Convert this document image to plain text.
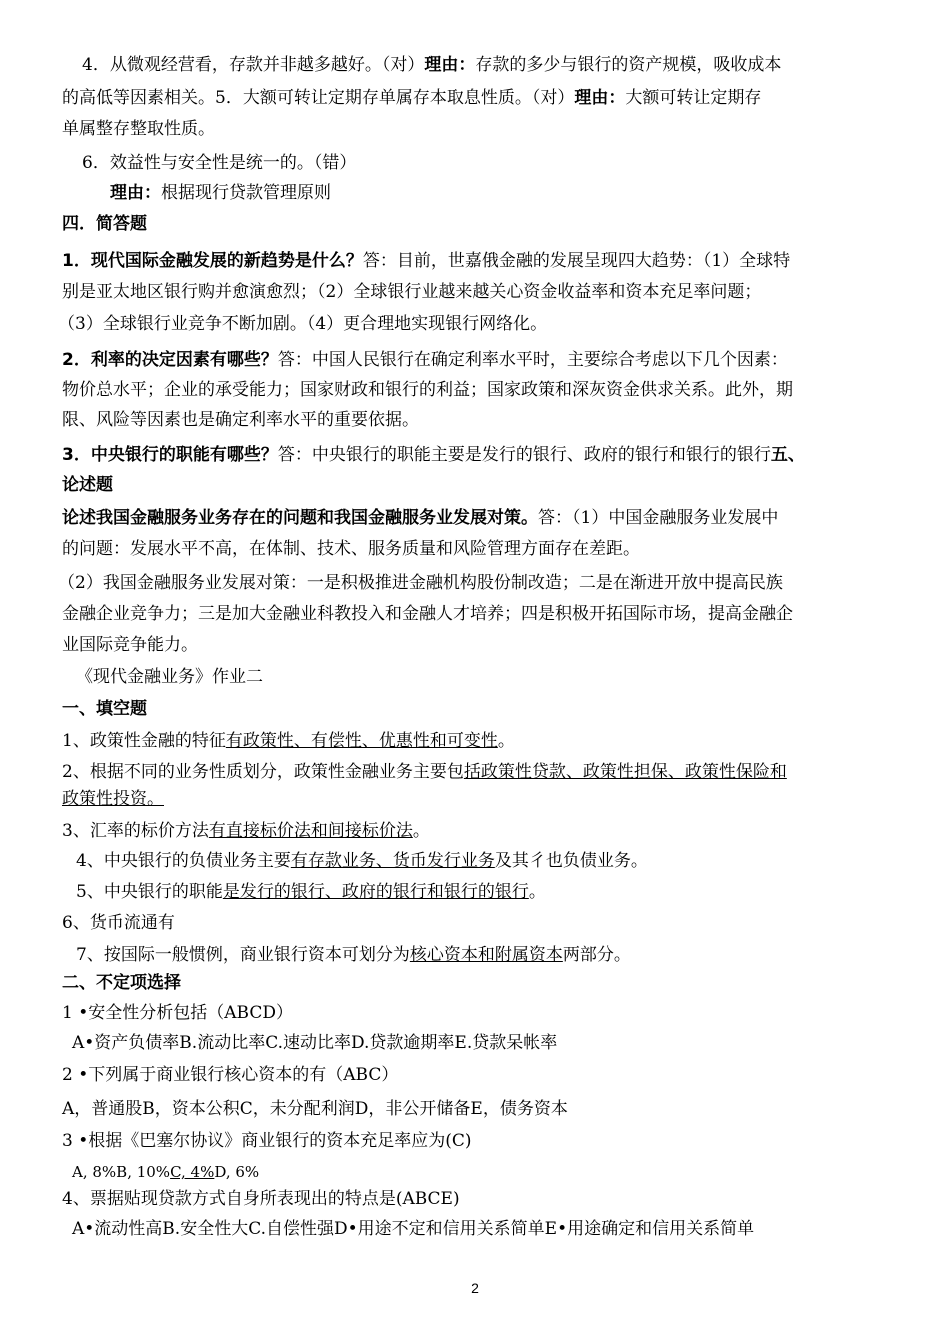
4．从微观经营看，存款并非越多越好。（对）理由：存款的多少与银行的资产规模，吸收成本
的高低等因素相关。5．大额可转让定期存单属存本取息性质。（对）理由：大额可转让定期存
单属整存整取性质。
6．效益性与安全性是统一的。（错）
理由：根据现行贷款管理原则
四．简答题
1．现代国际金融发展的新趋势是什么？答：目前，世嘉俄金融的发展呈现四大趋势：（1）全球特
别是亚太地区银行购并愈演愈烈；（2）全球银行业越来越关心资金收益率和资本充足率问题；
（3）全球银行业竞争不断加剧。（4）更合理地实现银行网络化。
2．利率的决定因素有哪些？答：中国人民银行在确定利率水平时，主要综合考虑以下几个因素：
物价总水平；企业的承受能力；国家财政和银行的利益；国家政策和深灰资金供求关系。此外，期
限、风险等因素也是确定利率水平的重要依据。
3．中央银行的职能有哪些？答：中央银行的职能主要是发行的银行、政府的银行和银行的银行五、
论述题
论述我国金融服务业务存在的问题和我国金融服务业发展对策。答：（1）中国金融服务业发展中
的问题：发展水平不高，在体制、技术、服务质量和风险管理方面存在差距。
（2）我国金融服务业发展对策：一是积极推进金融机构股份制改造；二是在渐进开放中提高民族
金融企业竞争力；三是加大金融业科教投入和金融人才培养；四是积极开拓国际市场，提高金融企
业国际竞争能力。
《现代金融业务》作业二
一、填空题
1、政策性金融的特征有政策性、有偿性、优惠性和可变性。
2、根据不同的业务性质划分，政策性金融业务主要包括政策性贷款、政策性担保、政策性保险和
政策性投资。
3、汇率的标价方法有直接标价法和间接标价法。
4、中央银行的负债业务主要有存款业务、货币发行业务及其彳也负债业务。
5、中央银行的职能是发行的银行、政府的银行和银行的银行。
6、货币流通有
7、按国际一般惯例，商业银行资本可划分为核心资本和附属资本两部分。
二、不定项选择
1 •安全性分析包括（ABCD）
A•资产负债率B.流动比率C.速动比率D.贷款逾期率E.贷款呆帐率
2 •下列属于商业银行核心资本的有（ABC）
A，普通股B，资本公积C，未分配利润D，非公开储备E，债务资本
3 •根据《巴塞尔协议》商业银行的资本充足率应为(C)
A, 8%B, 10%C, 4%D, 6%
4、票据贴现贷款方式自身所表现出的特点是(ABCE)
A•流动性高B.安全性大C.自偿性强D•用途不定和信用关系简单E•用途确定和信用关系简单
2
